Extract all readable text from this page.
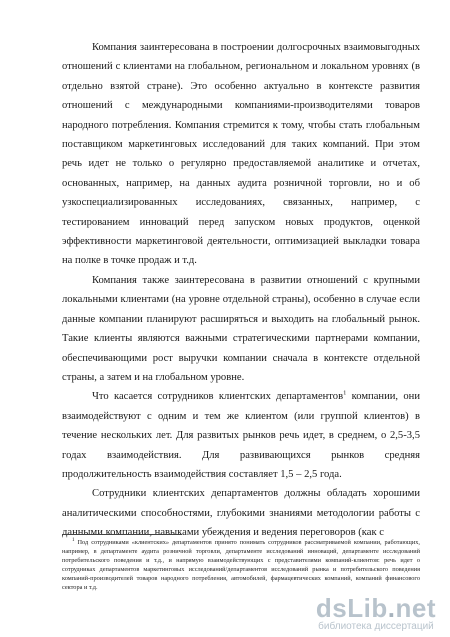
Компания заинтересована в построении долгосрочных взаимовыгодных отношений с клиентами на глобальном, региональном и локальном уровнях (в отдельно взятой стране). Это особенно актуально в контексте развития отношений с международными компаниями-производителями товаров народного потребления. Компания стремится к тому, чтобы стать глобальным поставщиком маркетинговых исследований для таких компаний. При этом речь идет не только о регулярно предоставляемой аналитике и отчетах, основанных, например, на данных аудита розничной торговли, но и об узкоспециализированных исследованиях, связанных, например, с тестированием инноваций перед запуском новых продуктов, оценкой эффективности маркетинговой деятельности, оптимизацией выкладки товара на полке в точке продаж и т.д.

Компания также заинтересована в развитии отношений с крупными локальными клиентами (на уровне отдельной страны), особенно в случае если данные компании планируют расширяться и выходить на глобальный рынок. Такие клиенты являются важными стратегическими партнерами компании, обеспечивающими рост выручки компании сначала в контексте отдельной страны, а затем и на глобальном уровне.

Что касается сотрудников клиентских департаментов$^1$ компании, они взаимодействуют с одним и тем же клиентом (или группой клиентов) в течение нескольких лет. Для развитых рынков речь идет, в среднем, о 2,5-3,5 годах взаимодействия. Для развивающихся рынков средняя продолжительность взаимодействия составляет 1,5 – 2,5 года.

Сотрудники клиентских департаментов должны обладать хорошими аналитическими способностями, глубокими знаниями методологии работы с данными компании, навыками убеждения и ведения переговоров (как с

$^1$ Под сотрудниками «клиентских» департаментов принято понимать сотрудников рассматриваемой компании, работающих, например, в департаменте аудита розничной торговли, департаменте исследований инноваций, департаменте исследований потребительского поведения и т.д., и напрямую взаимодействующих с представителями компаний-клиентов: речь идет о сотрудниках департаментов маркетинговых исследований/департаментов исследований рынка и потребительского поведения компаний-производителей товаров народного потребления, автомобилей, фармацевтических компаний, компаний финансового сектора и т.д.

dsLib.net
библиотека диссертаций
